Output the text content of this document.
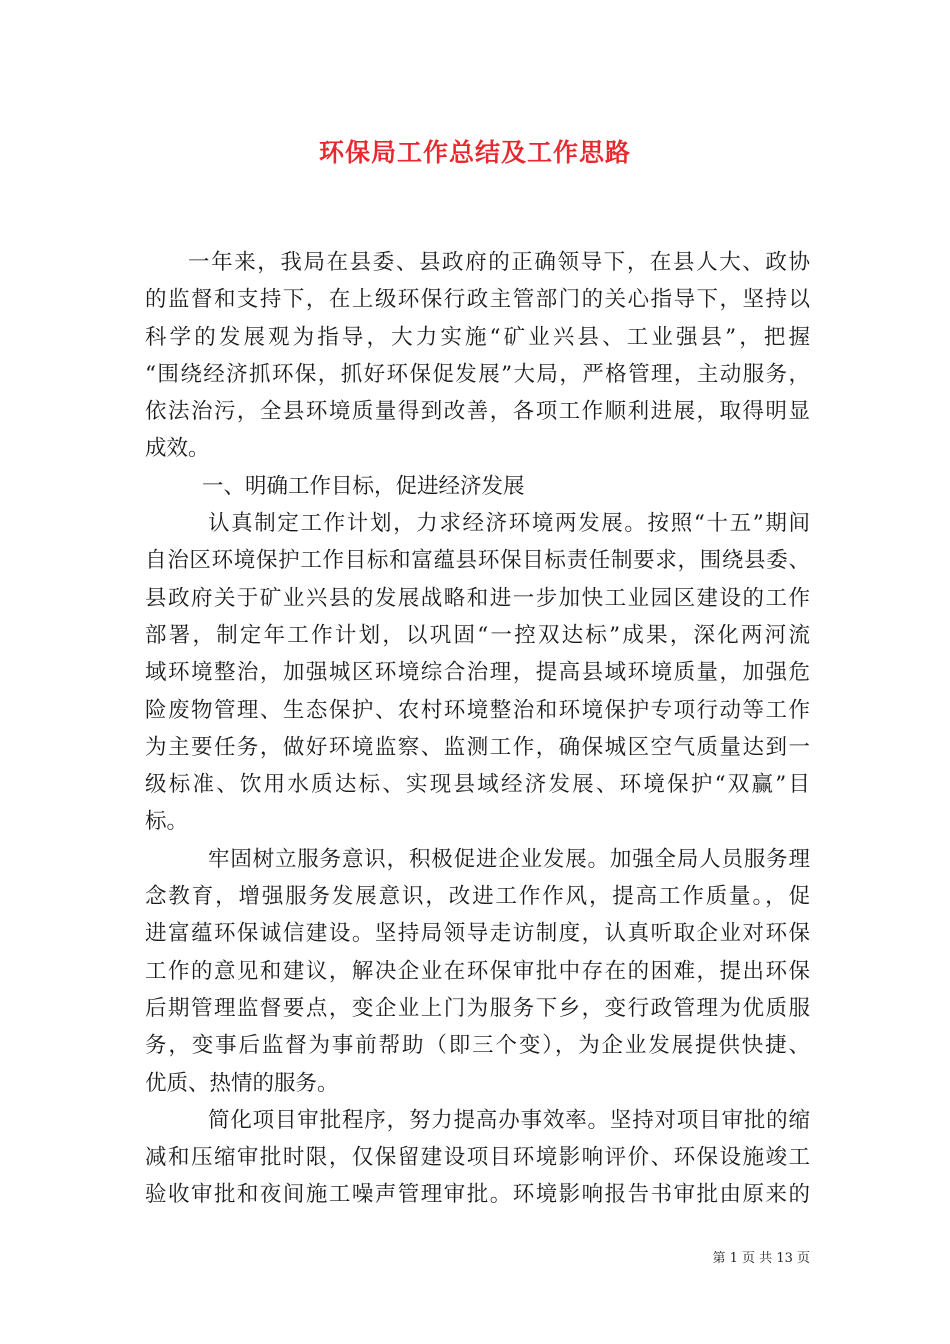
环保局工作总结及工作思路
一年来，我局在县委、县政府的正确领导下，在县人大、政协
的监督和支持下，在上级环保行政主管部门的关心指导下，坚持以
科学的发展观为指导，大力实施“矿业兴县、工业强县”，把握
“围绕经济抓环保，抓好环保促发展”大局，严格管理，主动服务，
依法治污，全县环境质量得到改善，各项工作顺利进展，取得明显
成效。
一、明确工作目标，促进经济发展
认真制定工作计划，力求经济环境两发展。按照“十五”期间
自治区环境保护工作目标和富蕴县环保目标责任制要求，围绕县委、
县政府关于矿业兴县的发展战略和进一步加快工业园区建设的工作
部署，制定年工作计划，以巩固“一控双达标”成果，深化两河流
域环境整治，加强城区环境综合治理，提高县域环境质量，加强危
险废物管理、生态保护、农村环境整治和环境保护专项行动等工作
为主要任务，做好环境监察、监测工作，确保城区空气质量达到一
级标准、饮用水质达标、实现县域经济发展、环境保护“双赢”目
标。
牢固树立服务意识，积极促进企业发展。加强全局人员服务理
念教育，增强服务发展意识，改进工作作风，提高工作质量。，促
进富蕴环保诚信建设。坚持局领导走访制度，认真听取企业对环保
工作的意见和建议，解决企业在环保审批中存在的困难，提出环保
后期管理监督要点，变企业上门为服务下乡，变行政管理为优质服
务，变事后监督为事前帮助（即三个变），为企业发展提供快捷、
优质、热情的服务。
简化项目审批程序，努力提高办事效率。坚持对项目审批的缩
减和压缩审批时限，仅保留建设项目环境影响评价、环保设施竣工
验收审批和夜间施工噪声管理审批。环境影响报告书审批由原来的
第 1 页 共 13 页
